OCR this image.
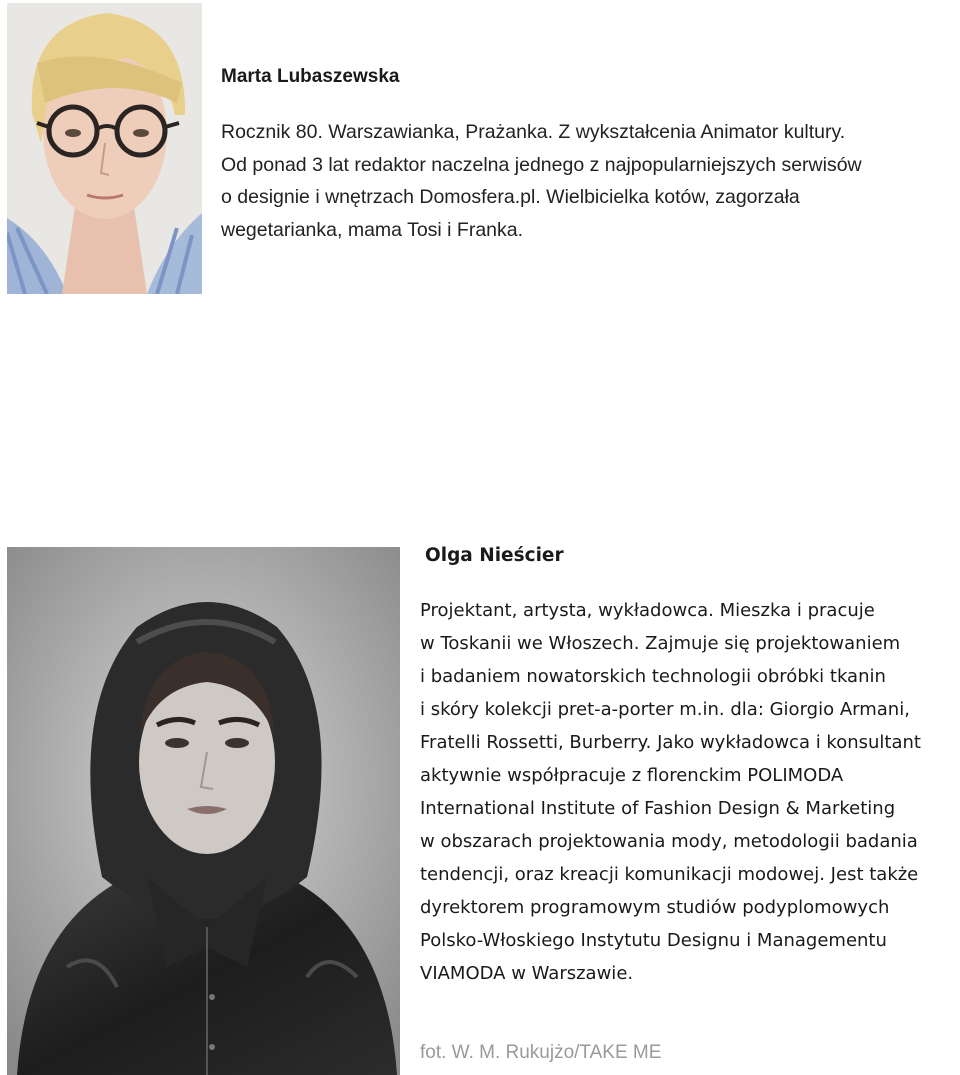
Marta Lubaszewska

Rocznik 80. Warszawianka, Prażanka. Z wykształcenia Animator kultury.
Od ponad 3 lat redaktor naczelna jednego z najpopularniejszych serwisów
o designie i wnętrzach Domosfera.pl. Wielbicielka kotów, zagorzała
wegetarianka, mama Tosi i Franka.

Olga Nieścier

Projektant, artysta, wykładowca. Mieszka i pracuje
w Toskanii we Włoszech. Zajmuje się projektowaniem
i badaniem nowatorskich technologii obróbki tkanin
i skóry kolekcji pret-a-porter m.in. dla: Giorgio Armani,
Fratelli Rossetti, Burberry. Jako wykładowca i konsultant
aktywnie współpracuje z florenckim POLIMODA
International Institute of Fashion Design & Marketing
w obszarach projektowania mody, metodologii badania
tendencji, oraz kreacji komunikacji modowej. Jest także
dyrektorem programowym studiów podyplomowych
Polsko-Włoskiego Instytutu Designu i Managementu
VIAMODA w Warszawie.

fot. W. M. Rukujżo/TAKE ME
